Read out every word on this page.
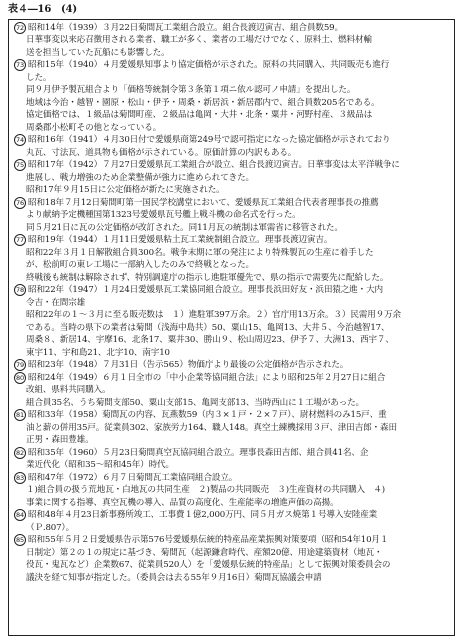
表４―16　(4)
72 昭和14年（1939）３月22日菊間瓦工業組合設立。組合長渡辺寅吉、組合員数59。
日華事変以来応召徴用される業者、職工が多く、業者の工場だけでなく、原料土、燃料材輸
送を担当していた瓦船にも影響した。
73 昭和15年（1940）４月愛媛県知事より協定価格が示された。原料の共同購入、共同販売も進行
した。
同９月伊予製瓦組合より「価格等統制令第３条第１項ニ依ル認可ノ申請」を提出した。
地域は今治・越智・園原・松山・伊予・周桑・新居浜・新居郡内で、組合員数205名である。
協定価格では、１級品は菊間町産、２級品は亀岡・大井・北条・粟井・河野村産、３級品は
周桑郡小松町その他となっている。
74 昭和16年（1941）４月30日付で愛媛県商第249号で認可指定になった協定価格が示されており
丸瓦、寸法瓦、道具物も価格が示されている。原価計算の内訳もある。
75 昭和17年（1942）７月27日愛媛県瓦工業組合が設立、組合長渡辺寅吉。日華事変は太平洋戦争に
進展し、戦力増強のため企業整備が強力に進められてきた。
昭和17年９月15日に公定価格が新たに実施された。
76 昭和18年７月12日菊間町第一国民学校講堂において、愛媛県瓦工業組合代表者理事長の推薦
より献納予定機種国第1323号愛媛県瓦号艦上戦斗機の命名式を行った。
同５月21日に瓦の公定価格が改訂された。同11月瓦の統制は軍需省に移管された。
77 昭和19年（1944）１月11日愛媛県粘土瓦工業統制組合設立。理事長渡辺寅吉。
昭和22年３月１日解散組合員300名。戦争末期に軍の発注により特殊製瓦の生産に着手した
が、松前町の東レ工場に一部納入したのみで終戦となった。
終戦後も統制は解除されず、特別調達庁の指示し進駐軍優先で、県の指示で需要先に配給した。
78 昭和22年（1947）１月24日愛媛県瓦工業協同組合設立。理事長浜田好友・浜田猿之進・大内
令吉・在間宗雄
昭和22年の１～３月に至る販売数は　１）進駐軍397万余。２）官庁用13万余。３）民需用９万余
である。当時の県下の業者は菊間（浅海中島共）50、粟山15、亀岡13、大井５、今治越智17、
周桑８、新居14、宇摩16、北条17、粟井30、勝山９、松山周辺23、伊予７、大洲13、西宇７、
東宇11、宇和島21、北宇10、南宇10
79 昭和23年（1948）７月31日（告示565）物価庁より最後の公定価格が告示された。
80 昭和24年（1949）６月１日全市の「中小企業等協同組合法」により昭和25年２月27日に組合
改組、県料共同購入。
組合員35名、うち菊間支部50、粟山支部15、亀岡支部13、当時西山に１工場があった。
81 昭和33年（1958）菊間瓦の内容、瓦燕数59（内３×１戸・２×７戸）、尉材燃料のみ15戸、重
油と薪の併用35戸。従業員302、家族労力164、職人148。真空土練機採用３戸、津田吉郎・森田
正男・森田豊雄。
82 昭和35年（1960）５月23日菊間真空瓦協同組合設立。理事長森田吉郎、組合員41名、企
業近代化（昭和35～昭和45年）時代。
83 昭和47年（1972）６月７日菊間瓦工業協同組合設立。
１)組合員の扱う荒地瓦・白地瓦の共同生産　２)製品の共同販売　３)生産資材の共同購入　４)
事業に関する指導、真空瓦機の導入、品質の高度化、生産能率の増進声価の高揚。
84 昭和48年４月23日新事務所竣工、工事費１億2,000万円、同５月ガス焼第１号導入安陸産業
（Ｐ.807）。
85 昭和55年５月２日愛媛県告示第576号愛媛県伝統的特産品産業振興対策要項（昭和54年10月１
日制定）第２の１の規定に基づき、菊間瓦（起源鎌倉時代、産額20億、用途建築資材（地瓦・
役瓦・鬼瓦など）企業数67、従業員520人）を「愛媛県伝統的特産品」として振興対策委員会の
議決を経て知事が指定した。（委員会は去る55年９月16日）菊間瓦協議会申請
